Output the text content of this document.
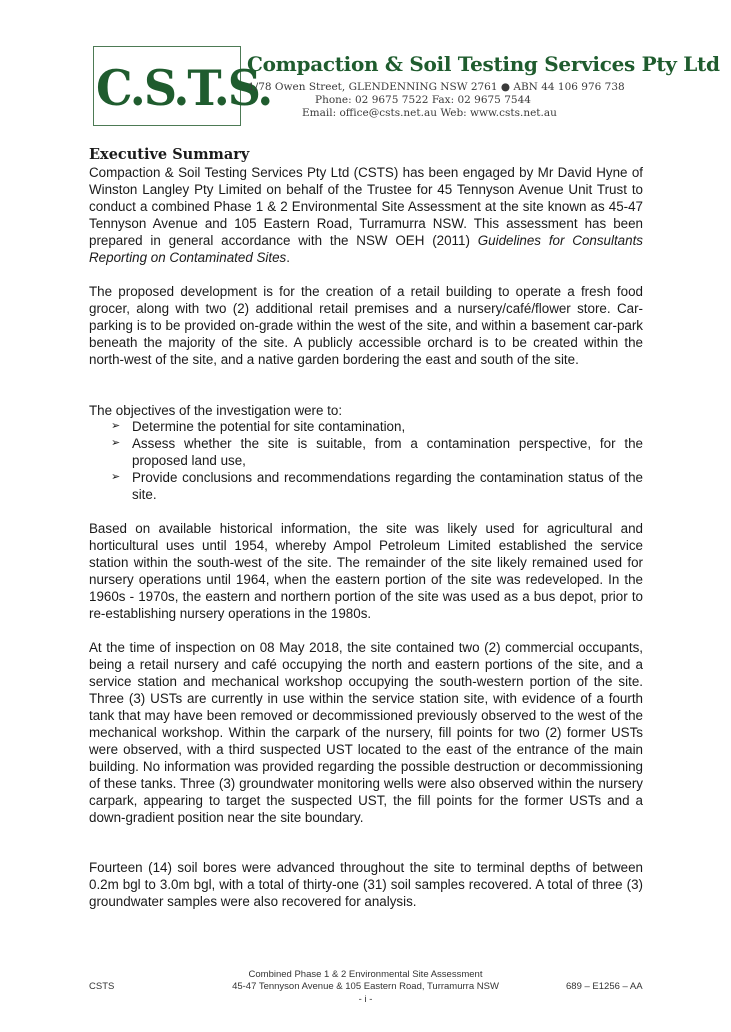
C.S.T.S.
Compaction & Soil Testing Services Pty Ltd
1/78 Owen Street, GLENDENNING NSW 2761 ● ABN 44 106 976 738
Phone: 02 9675 7522 Fax: 02 9675 7544
Email: office@csts.net.au Web: www.csts.net.au
Executive Summary

Compaction & Soil Testing Services Pty Ltd (CSTS) has been engaged by Mr David Hyne of Winston Langley Pty Limited on behalf of the Trustee for 45 Tennyson Avenue Unit Trust to conduct a combined Phase 1 & 2 Environmental Site Assessment at the site known as 45-47 Tennyson Avenue and 105 Eastern Road, Turramurra NSW. This assessment has been prepared in general accordance with the NSW OEH (2011) Guidelines for Consultants Reporting on Contaminated Sites.

The proposed development is for the creation of a retail building to operate a fresh food grocer, along with two (2) additional retail premises and a nursery/café/flower store. Car-parking is to be provided on-grade within the west of the site, and within a basement car-park beneath the majority of the site. A publicly accessible orchard is to be created within the north-west of the site, and a native garden bordering the east and south of the site.

The objectives of the investigation were to:

➢ Determine the potential for site contamination,
➢ Assess whether the site is suitable, from a contamination perspective, for the proposed land use,
➢ Provide conclusions and recommendations regarding the contamination status of the site.

Based on available historical information, the site was likely used for agricultural and horticultural uses until 1954, whereby Ampol Petroleum Limited established the service station within the south-west of the site. The remainder of the site likely remained used for nursery operations until 1964, when the eastern portion of the site was redeveloped. In the 1960s - 1970s, the eastern and northern portion of the site was used as a bus depot, prior to re-establishing nursery operations in the 1980s.

At the time of inspection on 08 May 2018, the site contained two (2) commercial occupants, being a retail nursery and café occupying the north and eastern portions of the site, and a service station and mechanical workshop occupying the south-western portion of the site. Three (3) USTs are currently in use within the service station site, with evidence of a fourth tank that may have been removed or decommissioned previously observed to the west of the mechanical workshop. Within the carpark of the nursery, fill points for two (2) former USTs were observed, with a third suspected UST located to the east of the entrance of the main building. No information was provided regarding the possible destruction or decommissioning of these tanks. Three (3) groundwater monitoring wells were also observed within the nursery carpark, appearing to target the suspected UST, the fill points for the former USTs and a down-gradient position near the site boundary.

Fourteen (14) soil bores were advanced throughout the site to terminal depths of between 0.2m bgl to 3.0m bgl, with a total of thirty-one (31) soil samples recovered. A total of three (3) groundwater samples were also recovered for analysis.

Combined Phase 1 & 2 Environmental Site Assessment
CSTS	45-47 Tennyson Avenue & 105 Eastern Road, Turramurra NSW	689 – E1256 – AA
- i -
